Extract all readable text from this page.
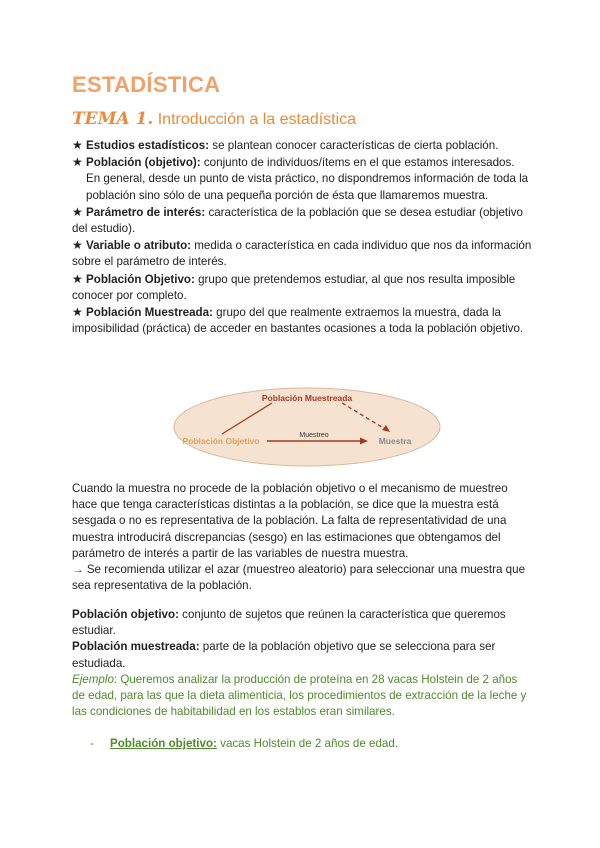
ESTADÍSTICA
TEMA 1. Introducción a la estadística

★ Estudios estadísticos: se plantean conocer características de cierta población.

★ Población (objetivo): conjunto de individuos/ítems en el que estamos interesados.

En general, desde un punto de vista práctico, no dispondremos información de toda la población sino sólo de una pequeña porción de ésta que llamaremos muestra.

★ Parámetro de interés: característica de la población que se desea estudiar (objetivo del estudio).

★ Variable o atributo: medida o característica en cada individuo que nos da información sobre el parámetro de interés.

★ Población Objetivo: grupo que pretendemos estudiar, al que nos resulta imposible conocer por completo.

★ Población Muestreada: grupo del que realmente extraemos la muestra, dada la imposibilidad (práctica) de acceder en bastantes ocasiones a toda la población objetivo.

Población Muestreada
Población Objetivo	Muestra
Muestreo

Cuando la muestra no procede de la población objetivo o el mecanismo de muestreo hace que tenga características distintas a la población, se dice que la muestra está sesgada o no es representativa de la población. La falta de representatividad de una muestra introducirá discrepancias (sesgo) en las estimaciones que obtengamos del parámetro de interés a partir de las variables de nuestra muestra.

→ Se recomienda utilizar el azar (muestreo aleatorio) para seleccionar una muestra que sea representativa de la población.

Población objetivo: conjunto de sujetos que reúnen la característica que queremos estudiar.

Población muestreada: parte de la población objetivo que se selecciona para ser estudiada.

Ejemplo: Queremos analizar la producción de proteína en 28 vacas Holstein de 2 años de edad, para las que la dieta alimenticia, los procedimientos de extracción de la leche y las condiciones de habitabilidad en los establos eran similares.

- Población objetivo: vacas Holstein de 2 años de edad.
